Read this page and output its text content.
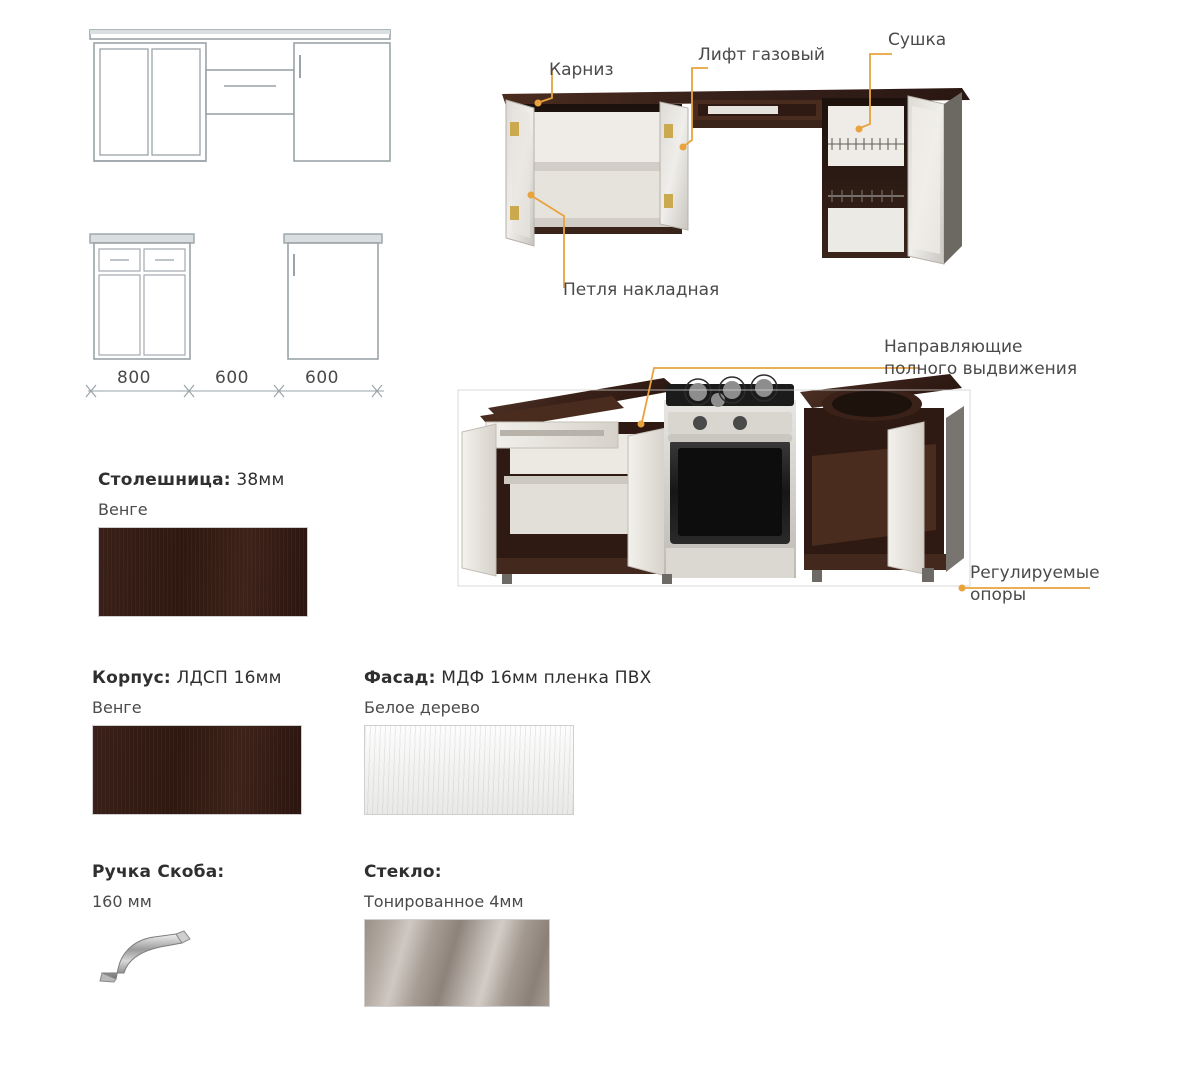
800	600	600
Карниз
Лифт газовый
Сушка
Петля накладная
Направляющие
полного выдвижения
Регулируемые
опоры
Столешница: 38мм
Венге
Корпус: ЛДСП 16мм
Венге
Фасад: МДФ 16мм пленка ПВХ
Белое дерево
Ручка Скоба:
160 мм
Стекло:
Тонированное 4мм
